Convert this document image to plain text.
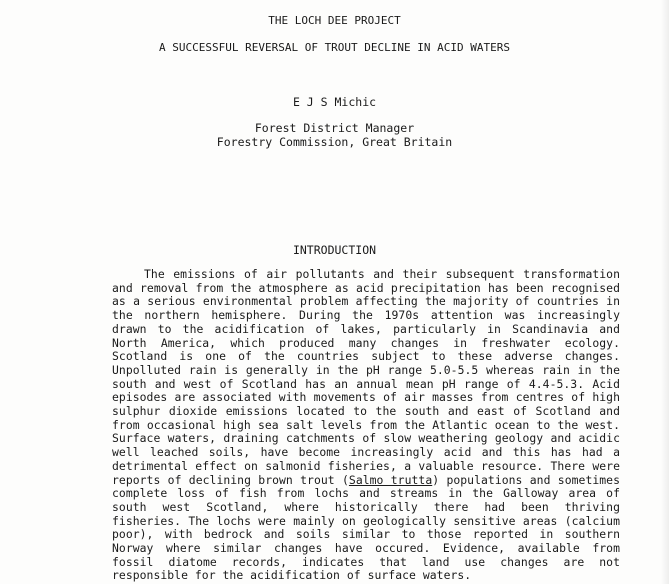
THE LOCH DEE PROJECT
A SUCCESSFUL REVERSAL OF TROUT DECLINE IN ACID WATERS
E J S Michic
Forest District Manager
Forestry Commission, Great Britain
INTRODUCTION

The emissions of air pollutants and their subsequent transformation and removal from the atmosphere as acid precipitation has been recognised as a serious environmental problem affecting the majority of countries in the northern hemisphere. During the 1970s attention was increasingly drawn to the acidification of lakes, particularly in Scandinavia and North America, which produced many changes in freshwater ecology. Scotland is one of the countries subject to these adverse changes. Unpolluted rain is generally in the pH range 5.0-5.5 whereas rain in the south and west of Scotland has an annual mean pH range of 4.4-5.3. Acid episodes are associated with movements of air masses from centres of high sulphur dioxide emissions located to the south and east of Scotland and from occasional high sea salt levels from the Atlantic ocean to the west. Surface waters, draining catchments of slow weathering geology and acidic well leached soils, have become increasingly acid and this has had a detrimental effect on salmonid fisheries, a valuable resource. There were reports of declining brown trout (Salmo trutta) populations and sometimes complete loss of fish from lochs and streams in the Galloway area of south west Scotland, where historically there had been thriving fisheries. The lochs were mainly on geologically sensitive areas (calcium poor), with bedrock and soils similar to those reported in southern Norway where similar changes have occured. Evidence, available from fossil diatome records, indicates that land use changes are not responsible for the acidification of surface waters.
